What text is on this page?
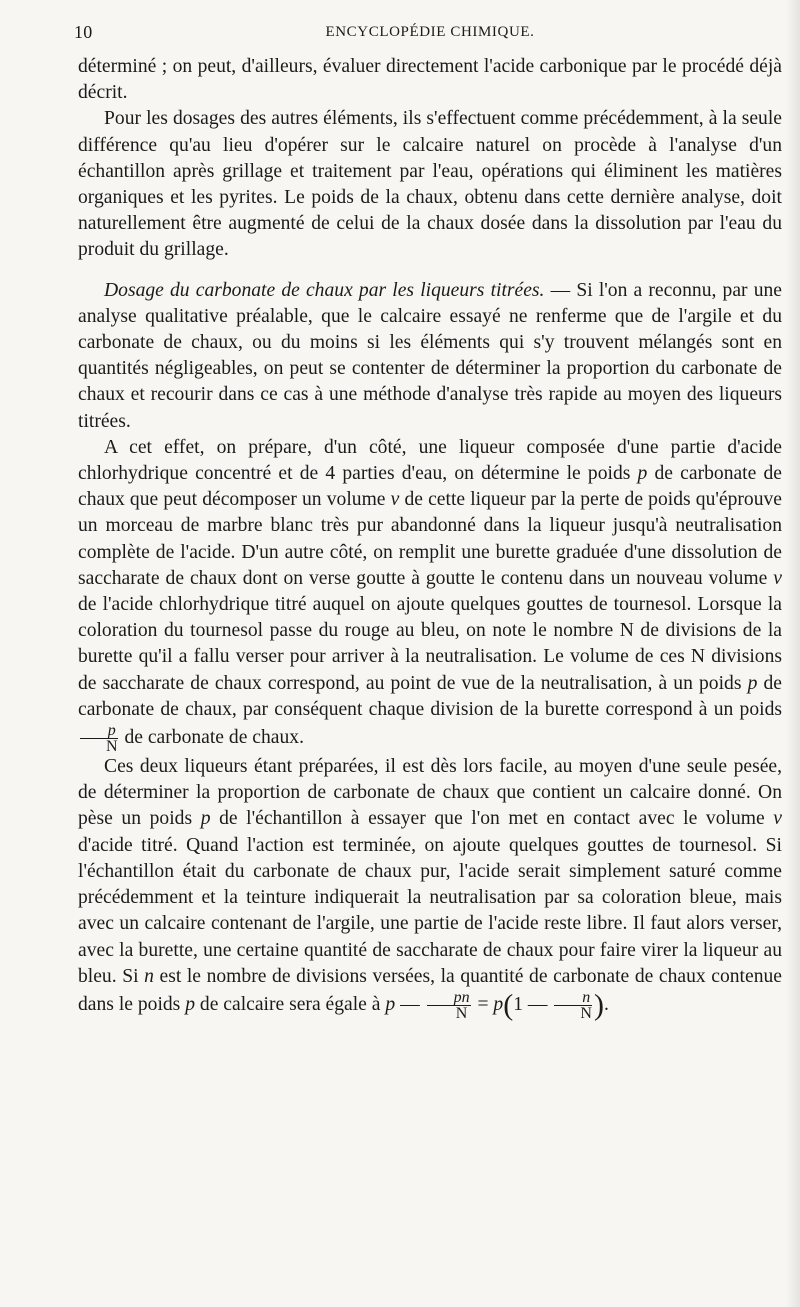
10	ENCYCLOPÉDIE CHIMIQUE.

déterminé ; on peut, d'ailleurs, évaluer directement l'acide carbonique par le procédé déjà décrit.

Pour les dosages des autres éléments, ils s'effectuent comme précédemment, à la seule différence qu'au lieu d'opérer sur le calcaire naturel on procède à l'analyse d'un échantillon après grillage et traitement par l'eau, opérations qui éliminent les matières organiques et les pyrites. Le poids de la chaux, obtenu dans cette dernière analyse, doit naturellement être augmenté de celui de la chaux dosée dans la dissolution par l'eau du produit du grillage.

Dosage du carbonate de chaux par les liqueurs titrées. — Si l'on a reconnu, par une analyse qualitative préalable, que le calcaire essayé ne renferme que de l'argile et du carbonate de chaux, ou du moins si les éléments qui s'y trouvent mélangés sont en quantités négligeables, on peut se contenter de déterminer la proportion du carbonate de chaux et recourir dans ce cas à une méthode d'analyse très rapide au moyen des liqueurs titrées.

A cet effet, on prépare, d'un côté, une liqueur composée d'une partie d'acide chlorhydrique concentré et de 4 parties d'eau, on détermine le poids p de carbonate de chaux que peut décomposer un volume v de cette liqueur par la perte de poids qu'éprouve un morceau de marbre blanc très pur abandonné dans la liqueur jusqu'à neutralisation complète de l'acide. D'un autre côté, on remplit une burette graduée d'une dissolution de saccharate de chaux dont on verse goutte à goutte le contenu dans un nouveau volume v de l'acide chlorhydrique titré auquel on ajoute quelques gouttes de tournesol. Lorsque la coloration du tournesol passe du rouge au bleu, on note le nombre N de divisions de la burette qu'il a fallu verser pour arriver à la neutralisation. Le volume de ces N divisions de saccharate de chaux correspond, au point de vue de la neutralisation, à un poids p de carbonate de chaux, par conséquent chaque division de la burette correspond à un poids
$\frac{p}{N}$ de carbonate de chaux.

Ces deux liqueurs étant préparées, il est dès lors facile, au moyen d'une seule pesée, de déterminer la proportion de carbonate de chaux que contient un calcaire donné. On pèse un poids p de l'échantillon à essayer que l'on met en contact avec le volume v d'acide titré. Quand l'action est terminée, on ajoute quelques gouttes de tournesol. Si l'échantillon était du carbonate de chaux pur, l'acide serait simplement saturé comme précédemment et la teinture indiquerait la neutralisation par sa coloration bleue, mais avec un calcaire contenant de l'argile, une partie de l'acide reste libre. Il faut alors verser, avec la burette, une certaine quantité de saccharate de chaux pour faire virer la liqueur au bleu. Si n est le nombre de divisions versées, la quantité de carbonate de chaux contenue dans le poids p de calcaire sera égale à p — $\frac{pn}{N} = p(1$ — $\frac{n}{N}$ ).
